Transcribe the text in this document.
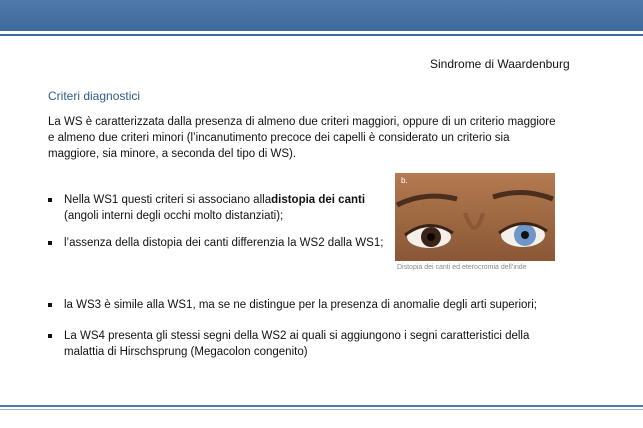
Sindrome di Waardenburg
Criteri diagnostici
La WS è caratterizzata dalla presenza di almeno due criteri maggiori, oppure di un criterio maggiore
e almeno due criteri minori (l’incanutimento precoce dei capelli è considerato un criterio sia
maggiore, sia minore, a seconda del tipo di WS).
Nella WS1 questi criteri si associano alladistopia dei canti
(angoli interni degli occhi molto distanziati);
l’assenza della distopia dei canti differenzia la WS2 dalla WS1;
la WS3 è simile alla WS1, ma se ne distingue per la presenza di anomalie degli arti superiori;
La WS4 presenta gli stessi segni della WS2 ai quali si aggiungono i segni caratteristici della
malattia di Hirschsprung (Megacolon congenito)
b.
Distopia dei canti ed eterocromia dell’iride
